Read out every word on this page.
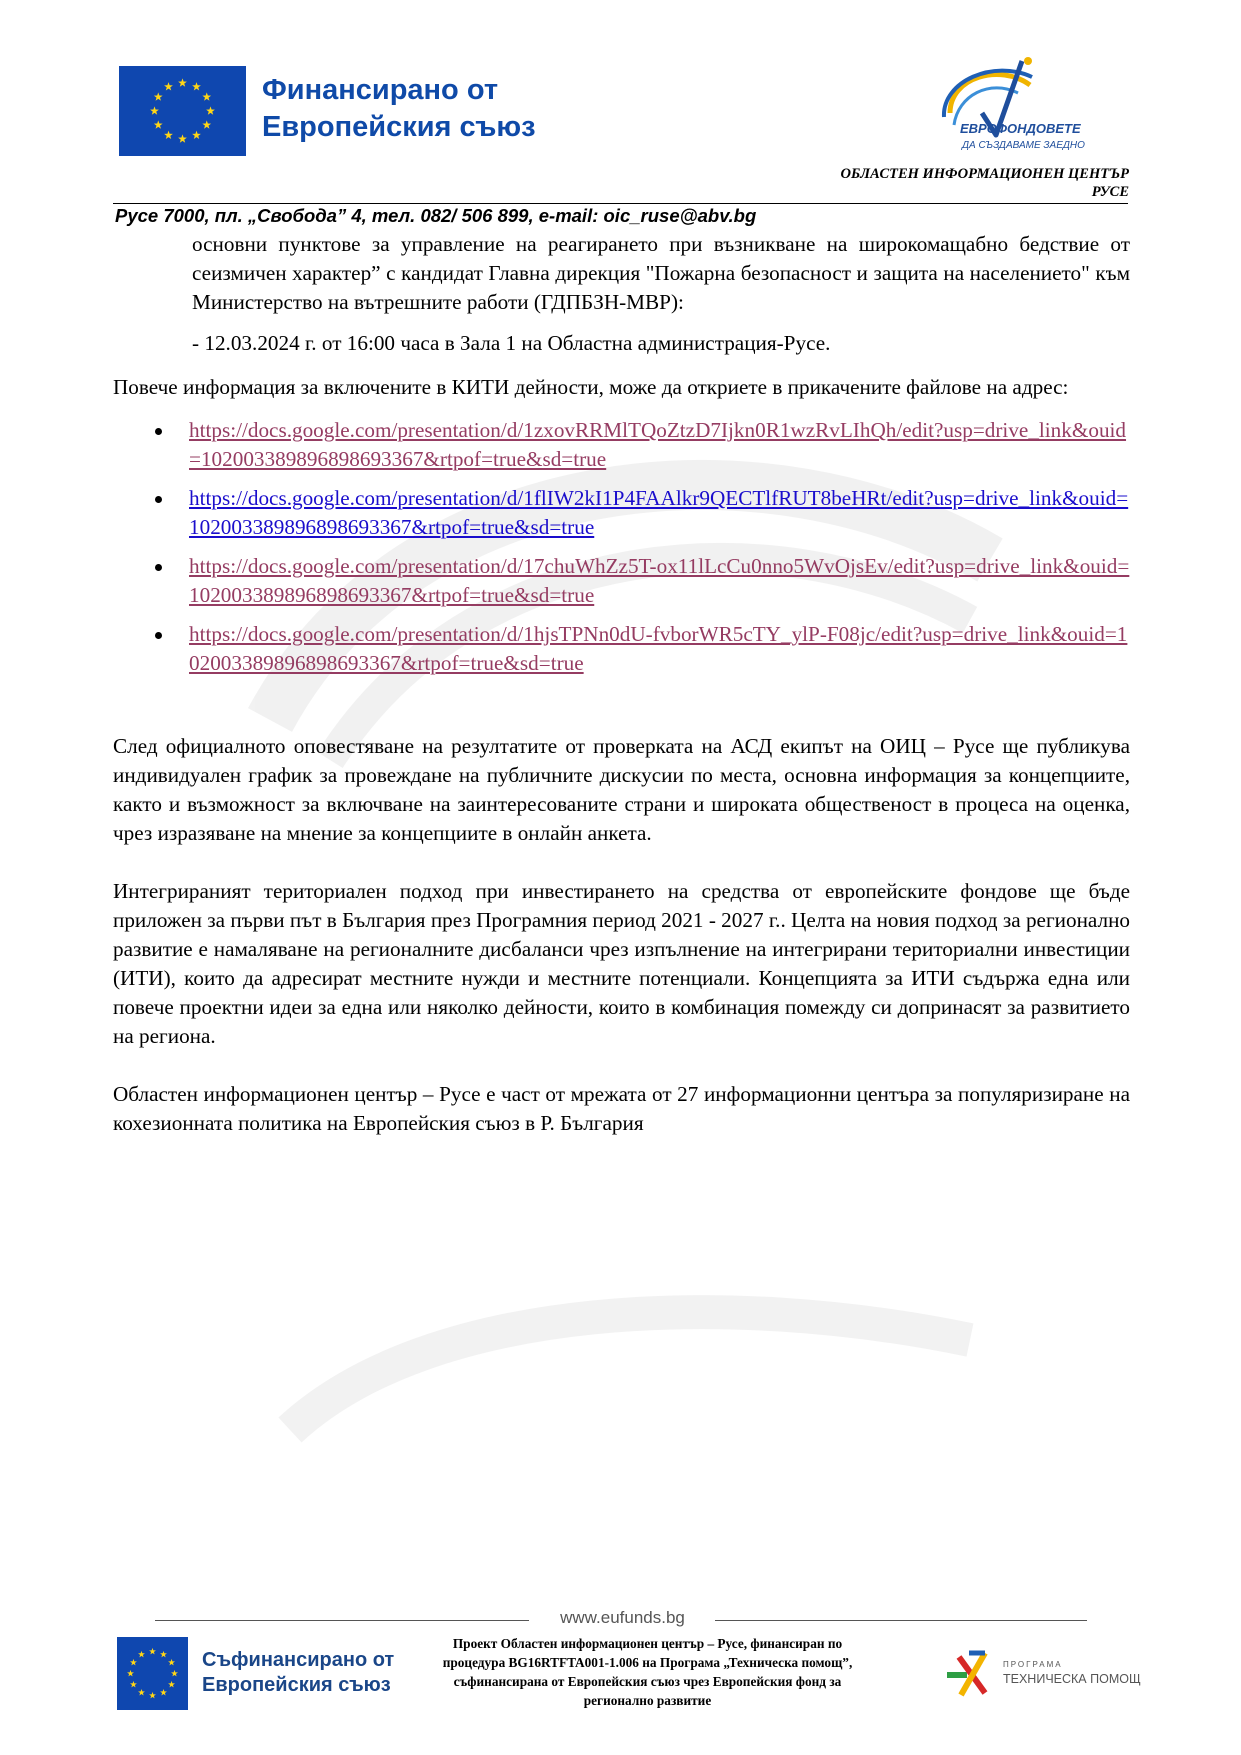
Финансирано от
Европейския съюз	ЕВРОФОНДОВЕТЕ
ДА СЪЗДАВАМЕ ЗАЕДНО
ОБЛАСТЕН ИНФОРМАЦИОНЕН ЦЕНТЪР
РУСЕ
Русе 7000, пл. „Свобода” 4, тел. 082/ 506 899, e-mail: oic_ruse@abv.bg

основни пунктове за управление на реагирането при възникване на широкомащабно бедствие от сеизмичен характер” с кандидат Главна дирекция "Пожарна безопасност и защита на населението" към Министерство на вътрешните работи (ГДПБЗН-МВР):

- 12.03.2024 г. от 16:00 часа в Зала 1 на Областна администрация-Русе.

Повече информация за включените в КИТИ дейности, може да откриете в прикачените файлове на адрес:

https://docs.google.com/presentation/d/1zxovRRMlTQoZtzD7Ijkn0R1wzRvLIhQh/edit?usp=drive_link&ouid=102003389896898693367&rtpof=true&sd=true
https://docs.google.com/presentation/d/1flIW2kI1P4FAAlkr9QECTlfRUT8beHRt/edit?usp=drive_link&ouid=102003389896898693367&rtpof=true&sd=true
https://docs.google.com/presentation/d/17chuWhZz5T-ox11lLcCu0nno5WvOjsEv/edit?usp=drive_link&ouid=102003389896898693367&rtpof=true&sd=true
https://docs.google.com/presentation/d/1hjsTPNn0dU-fvborWR5cTY_ylP-F08jc/edit?usp=drive_link&ouid=102003389896898693367&rtpof=true&sd=true

След официалното оповестяване на резултатите от проверката на АСД екипът на ОИЦ – Русе ще публикува индивидуален график за провеждане на публичните дискусии по места, основна информация за концепциите, както и възможност за включване на заинтересованите страни и широката общественост в процеса на оценка, чрез изразяване на мнение за концепциите в онлайн анкета.

Интегрираният териториален подход при инвестирането на средства от европейските фондове ще бъде приложен за първи път в България през Програмния период 2021 - 2027 г.. Целта на новия подход за регионално развитие е намаляване на регионалните дисбаланси чрез изпълнение на интегрирани териториални инвестиции (ИТИ), които да адресират местните нужди и местните потенциали. Концепцията за ИТИ съдържа една или повече проектни идеи за една или няколко дейности, които в комбинация помежду си допринасят за развитието на региона.

Областен информационен център – Русе е част от мрежата от 27 информационни центъра за популяризиране на кохезионната политика на Европейския съюз в Р. България

www.eufunds.bg
Съфинансирано от
Европейския съюз
Проект Областен информационен център – Русе, финансиран по
процедура BG16RTFTA001-1.006 на Програма „Техническа помощ”,
съфинансирана от Европейския съюз чрез Европейския фонд за
регионално развитие
ПРОГРАМА
ТЕХНИЧЕСКА ПОМОЩ
